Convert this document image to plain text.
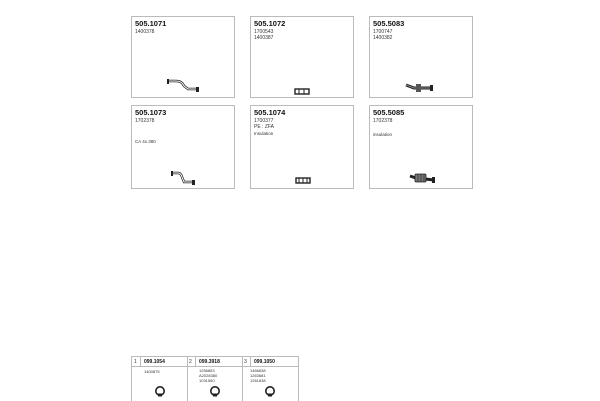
505.1071
1400378
505.1072
1700543
1400387
505.5083
1700747
1400382
505.1073
1702378
CA 4x.380
505.1074
1700377
PE : ZFA
Insulation
505.5085
1702378
insulation
1 099.1054
1400875
2 099.3918
1256853
A2028380
1031560
3 099.1050
1466838
1263681
1261838
